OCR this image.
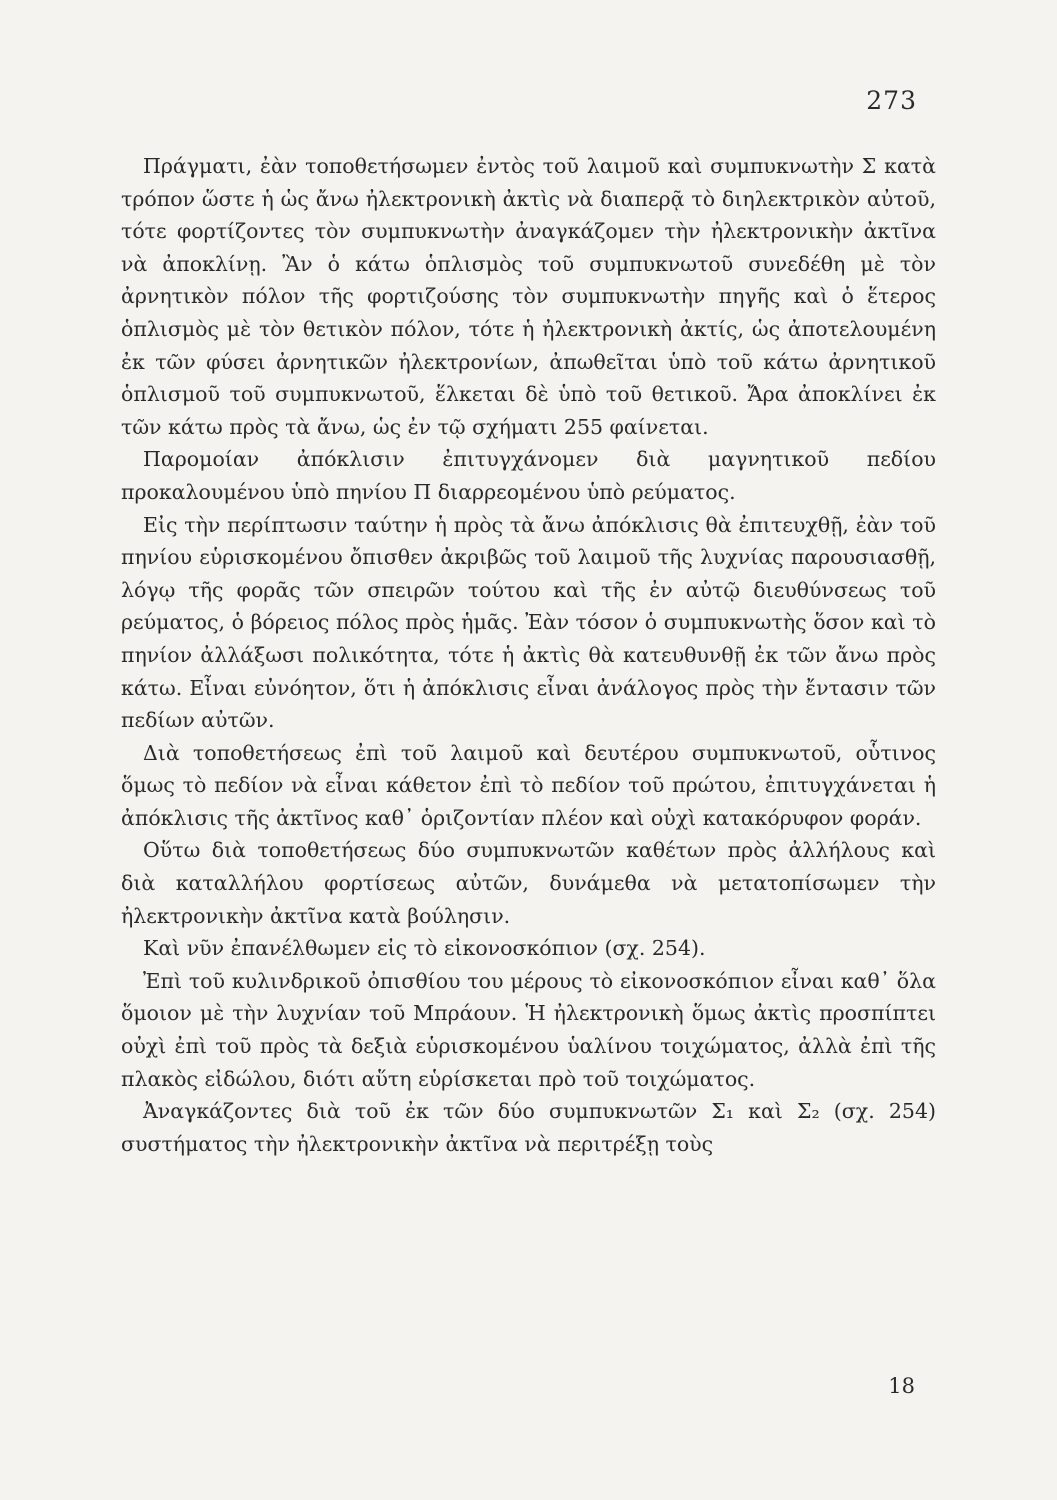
273

Πράγματι, ἐὰν τοποθετήσωμεν ἐντὸς τοῦ λαιμοῦ καὶ συμπυκνωτὴν Σ κατὰ τρόπον ὥστε ἡ ὡς ἄνω ἠλεκτρονικὴ ἀκτὶς νὰ διαπερᾷ τὸ διηλεκτρικὸν αὐτοῦ, τότε φορτίζοντες τὸν συμπυκνωτὴν ἀναγκάζομεν τὴν ἠλεκτρονικὴν ἀκτῖνα νὰ ἀποκλίνῃ. Ἂν ὁ κάτω ὁπλισμὸς τοῦ συμπυκνωτοῦ συνεδέθη μὲ τὸν ἀρνητικὸν πόλον τῆς φορτιζούσης τὸν συμπυκνωτὴν πηγῆς καὶ ὁ ἕτερος ὁπλισμὸς μὲ τὸν θετικὸν πόλον, τότε ἡ ἠλεκτρονικὴ ἀκτίς, ὡς ἀποτελουμένη ἐκ τῶν φύσει ἀρνητικῶν ἠλεκτρονίων, ἀπωθεῖται ὑπὸ τοῦ κάτω ἀρνητικοῦ ὁπλισμοῦ τοῦ συμπυκνωτοῦ, ἕλκεται δὲ ὑπὸ τοῦ θετικοῦ. Ἄρα ἀποκλίνει ἐκ τῶν κάτω πρὸς τὰ ἄνω, ὡς ἐν τῷ σχήματι 255 φαίνεται.

Παρομοίαν ἀπόκλισιν ἐπιτυγχάνομεν διὰ μαγνητικοῦ πεδίου προκαλουμένου ὑπὸ πηνίου Π διαρρεομένου ὑπὸ ρεύματος.

Εἰς τὴν περίπτωσιν ταύτην ἡ πρὸς τὰ ἄνω ἀπόκλισις θὰ ἐπιτευχθῇ, ἐὰν τοῦ πηνίου εὑρισκομένου ὄπισθεν ἀκριβῶς τοῦ λαιμοῦ τῆς λυχνίας παρουσιασθῇ, λόγῳ τῆς φορᾶς τῶν σπειρῶν τούτου καὶ τῆς ἐν αὐτῷ διευθύνσεως τοῦ ρεύματος, ὁ βόρειος πόλος πρὸς ἡμᾶς. Ἐὰν τόσον ὁ συμπυκνωτὴς ὅσον καὶ τὸ πηνίον ἀλλάξωσι πολικότητα, τότε ἡ ἀκτὶς θὰ κατευθυνθῇ ἐκ τῶν ἄνω πρὸς κάτω. Εἶναι εὐνόητον, ὅτι ἡ ἀπόκλισις εἶναι ἀνάλογος πρὸς τὴν ἔντασιν τῶν πεδίων αὐτῶν.

Διὰ τοποθετήσεως ἐπὶ τοῦ λαιμοῦ καὶ δευτέρου συμπυκνωτοῦ, οὗτινος ὅμως τὸ πεδίον νὰ εἶναι κάθετον ἐπὶ τὸ πεδίον τοῦ πρώτου, ἐπιτυγχάνεται ἡ ἀπόκλισις τῆς ἀκτῖνος καθ᾽ ὁριζοντίαν πλέον καὶ οὐχὶ κατακόρυφον φοράν.

Οὕτω διὰ τοποθετήσεως δύο συμπυκνωτῶν καθέτων πρὸς ἀλλήλους καὶ διὰ καταλλήλου φορτίσεως αὐτῶν, δυνάμεθα νὰ μετατοπίσωμεν τὴν ἠλεκτρονικὴν ἀκτῖνα κατὰ βούλησιν.

Καὶ νῦν ἐπανέλθωμεν εἰς τὸ εἰκονοσκόπιον (σχ. 254).

Ἐπὶ τοῦ κυλινδρικοῦ ὀπισθίου του μέρους τὸ εἰκονοσκόπιον εἶναι καθ᾽ ὅλα ὅμοιον μὲ τὴν λυχνίαν τοῦ Μπράουν. Ἡ ἠλεκτρονικὴ ὅμως ἀκτὶς προσπίπτει οὐχὶ ἐπὶ τοῦ πρὸς τὰ δεξιὰ εὑρισκομένου ὑαλίνου τοιχώματος, ἀλλὰ ἐπὶ τῆς πλακὸς εἰδώλου, διότι αὕτη εὑρίσκεται πρὸ τοῦ τοιχώματος.

Ἀναγκάζοντες διὰ τοῦ ἐκ τῶν δύο συμπυκνωτῶν Σ₁ καὶ Σ₂ (σχ. 254) συστήματος τὴν ἠλεκτρονικὴν ἀκτῖνα νὰ περιτρέξῃ τοὺς

18
